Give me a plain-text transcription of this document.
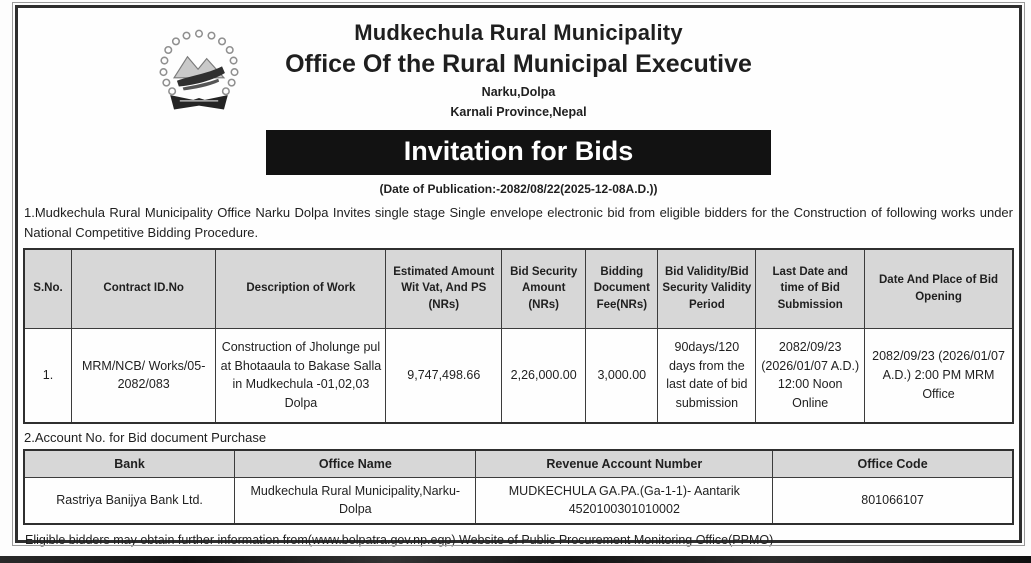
Mudkechula Rural Municipality
Office Of the Rural Municipal Executive
Narku,Dolpa
Karnali Province,Nepal
Invitation for Bids
(Date of Publication:-2082/08/22(2025-12-08A.D.))

1.Mudkechula Rural Municipality Office Narku Dolpa Invites single stage Single envelope electronic bid from eligible bidders for the Construction of following works under National Competitive Bidding Procedure.

S.No.	Contract ID.No	Description of Work	Estimated Amount Wit Vat, And PS (NRs)	Bid Security Amount (NRs)	Bidding Document Fee(NRs)	Bid Validity/Bid Security Validity Period	Last Date and time of Bid Submission	Date And Place of Bid Opening
1.	MRM/NCB/ Works/05-2082/083	Construction of Jholunge pul at Bhotaaula to Bakase Salla in Mudkechula -01,02,03 Dolpa	9,747,498.66	2,26,000.00	3,000.00	90days/120 days from the last date of bid submission	2082/09/23 (2026/01/07 A.D.) 12:00 Noon Online	2082/09/23 (2026/01/07 A.D.) 2:00 PM MRM Office
2.Account No. for Bid document Purchase
Bank	Office Name	Revenue Account Number	Office Code
Rastriya Banijya Bank Ltd.	Mudkechula Rural Municipality,Narku-Dolpa	MUDKECHULA GA.PA.(Ga-1-1)- Aantarik 4520100301010002	801066107
Eligible bidders may obtain further information from(www.bolpatra.gov.np.egp) Website of Public Procurement Monitoring Office(PPMO)
